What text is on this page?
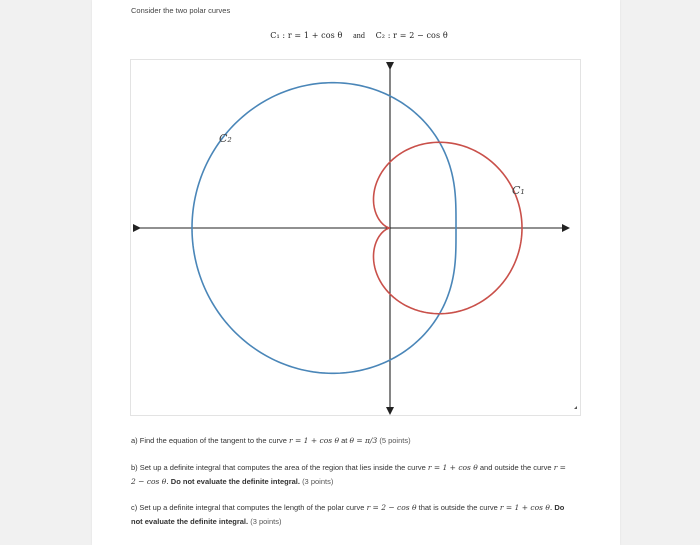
Consider the two polar curves
C₁ : r = 1 + cos θ and C₂ : r = 2 − cos θ
C₂
C₁
a) Find the equation of the tangent to the curve r = 1 + cos θ at θ = π/3 (5 points)
b) Set up a definite integral that computes the area of the region that lies inside the curve r = 1 + cos θ and outside the curve r = 2 − cos θ. Do not evaluate the definite integral. (3 points)
c) Set up a definite integral that computes the length of the polar curve r = 2 − cos θ that is outside the curve r = 1 + cos θ. Do not evaluate the definite integral. (3 points)
